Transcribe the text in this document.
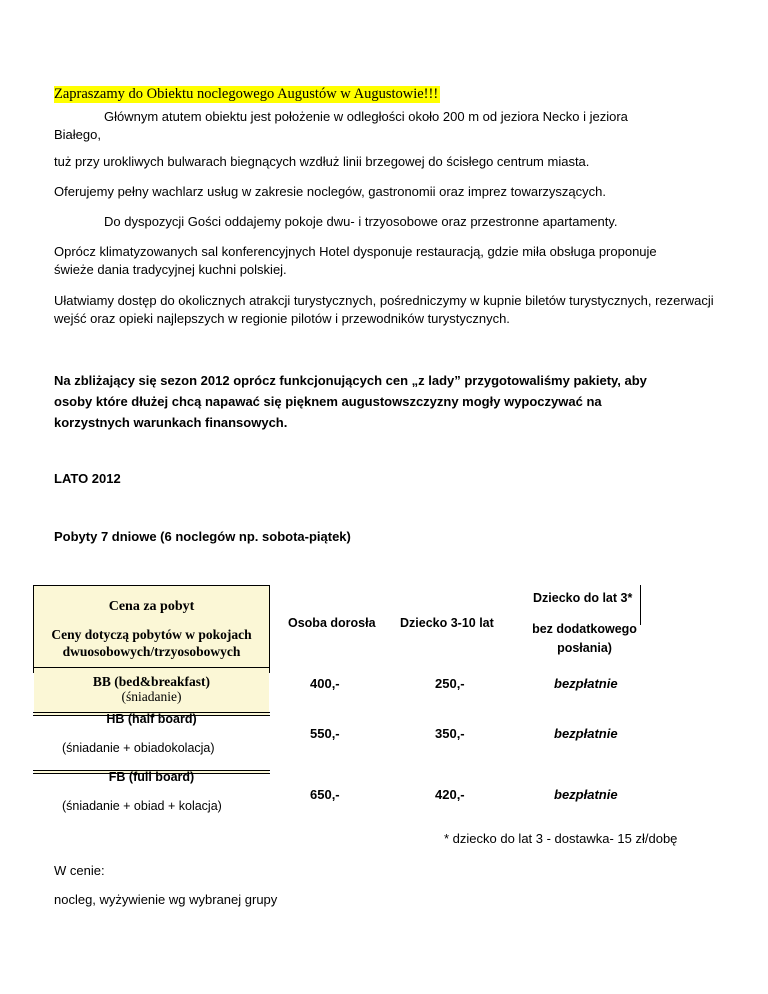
Zapraszamy do Obiektu noclegowego Augustów w Augustowie!!!
Głównym atutem obiektu jest położenie w odległości około 200 m od jeziora Necko i jeziora
Białego,
tuż przy urokliwych bulwarach biegnących wzdłuż linii brzegowej do ścisłego centrum miasta.
Oferujemy pełny wachlarz usług w zakresie noclegów, gastronomii oraz imprez towarzyszących.
Do dyspozycji Gości oddajemy pokoje dwu- i trzyosobowe oraz przestronne apartamenty.
Oprócz klimatyzowanych sal konferencyjnych Hotel dysponuje restauracją, gdzie miła obsługa proponuje świeże dania tradycyjnej kuchni polskiej.
Ułatwiamy dostęp do okolicznych atrakcji turystycznych, pośredniczymy w kupnie biletów turystycznych, rezerwacji wejść oraz opieki najlepszych w regionie pilotów i przewodników turystycznych.
Na zbliżający się sezon 2012 oprócz funkcjonujących cen „z lady” przygotowaliśmy pakiety, aby osoby które dłużej chcą napawać się pięknem augustowszczyzny mogły wypoczywać na korzystnych warunkach finansowych.
LATO 2012
Pobyty 7 dniowe (6 noclegów np. sobota-piątek)
Cena za pobyt
Ceny dotyczą pobytów w pokojach dwuosobowych/trzyosobowych
Osoba dorosła Dziecko 3-10 lat
Dziecko do lat 3*
bez dodatkowego posłania)
BB (bed&breakfast)
(śniadanie)
400,-	250,-	bezpłatnie
HB (half board)
(śniadanie + obiadokolacja)
550,-	350,-	bezpłatnie
FB (full board)
(śniadanie + obiad + kolacja)
650,-	420,-	bezpłatnie
* dziecko do lat 3 - dostawka- 15 zł/dobę
W cenie:
nocleg, wyżywienie wg wybranej grupy
